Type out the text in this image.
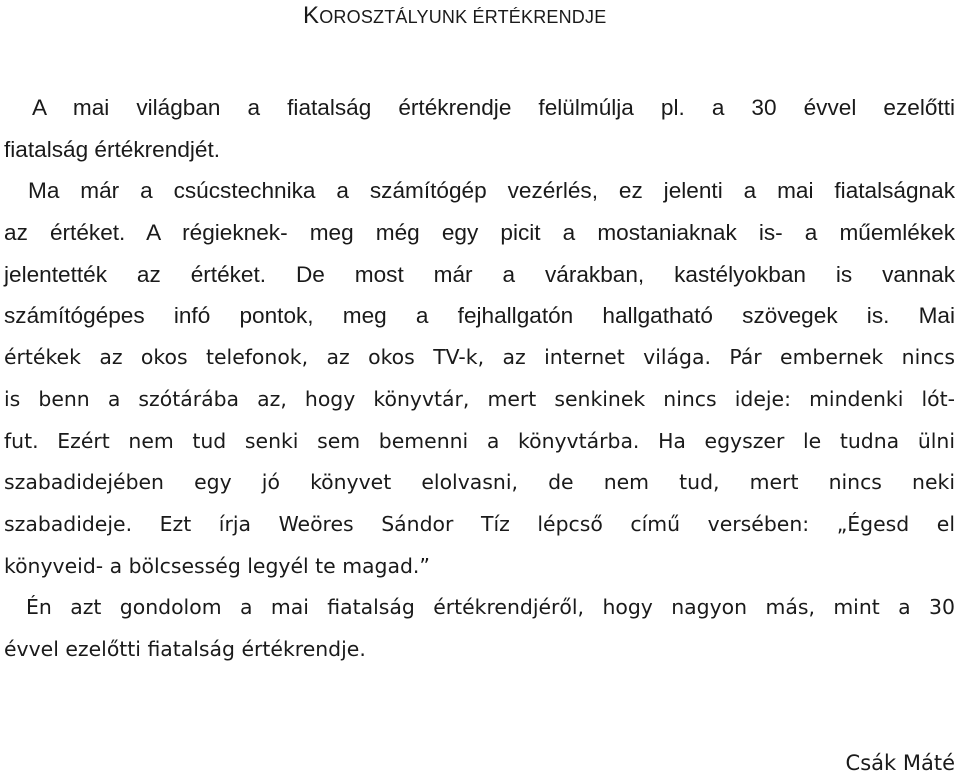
KOROSZTÁLYUNK ÉRTÉKRENDJE
A mai világban a fiatalság értékrendje felülmúlja pl. a 30 évvel ezelőtti
fiatalság értékrendjét.
Ma már a csúcstechnika a számítógép vezérlés, ez jelenti a mai fiatalságnak
az értéket. A régieknek- meg még egy picit a mostaniaknak is- a műemlékek
jelentették az értéket. De most már a várakban, kastélyokban is vannak
számítógépes infó pontok, meg a fejhallgatón hallgatható szövegek is. Mai
értékek az okos telefonok, az okos TV-k, az internet világa. Pár embernek nincs
is benn a szótárába az, hogy könyvtár, mert senkinek nincs ideje: mindenki lót-
fut. Ezért nem tud senki sem bemenni a könyvtárba. Ha egyszer le tudna ülni
szabadidejében egy jó könyvet elolvasni, de nem tud, mert nincs neki
szabadideje. Ezt írja Weöres Sándor Tíz lépcső című versében: „Égesd el
könyveid- a bölcsesség legyél te magad.”
Én azt gondolom a mai fiatalság értékrendjéről, hogy nagyon más, mint a 30
évvel ezelőtti fiatalság értékrendje.
Csák Máté
